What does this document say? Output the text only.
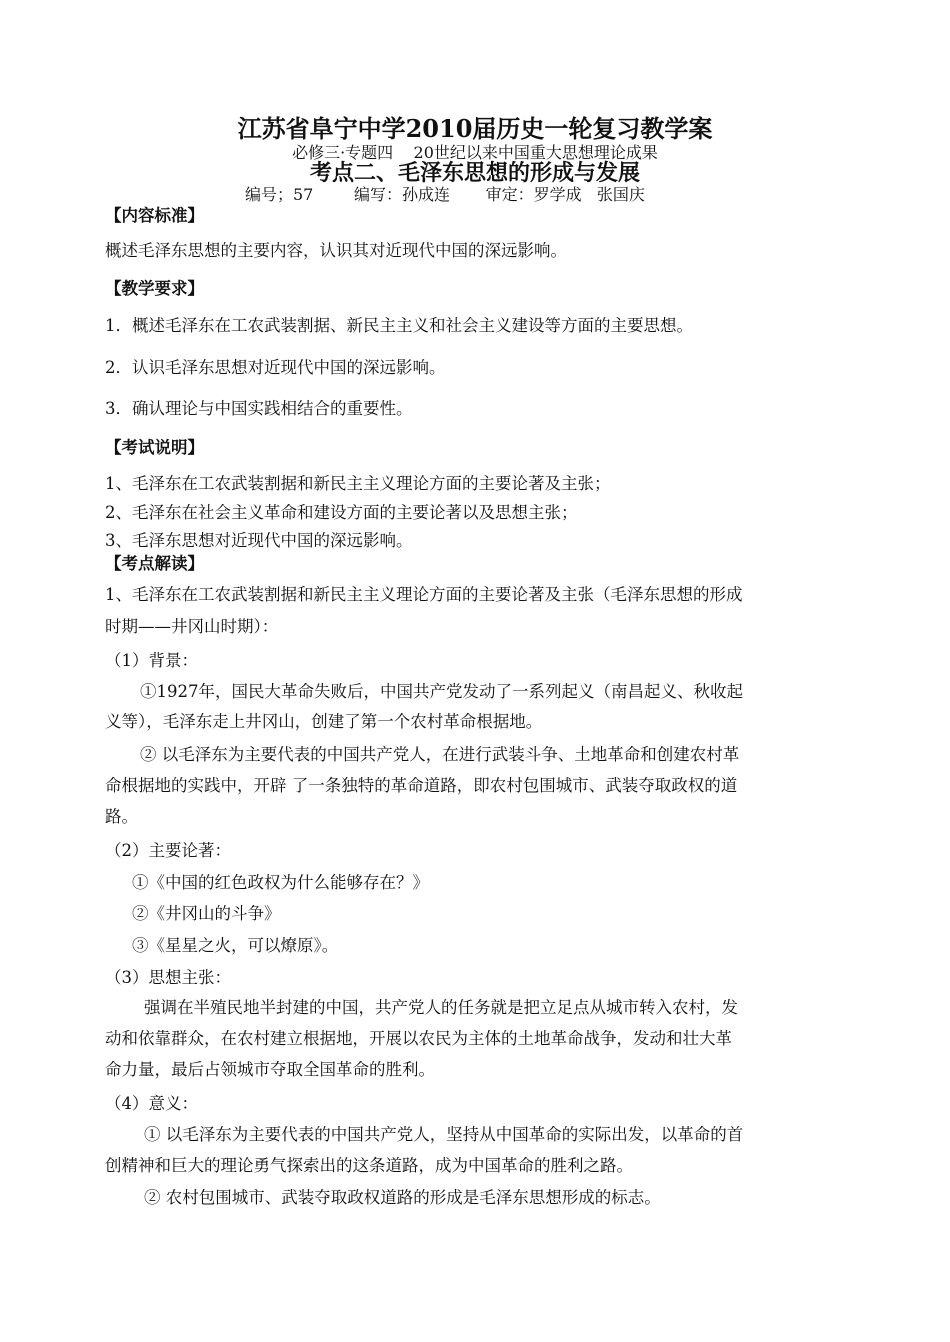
江苏省阜宁中学2010届历史一轮复习教学案
必修三·专题四    20世纪以来中国重大思想理论成果
考点二、毛泽东思想的形成与发展
编号；57        编写：孙成连       审定：罗学成   张国庆
【内容标准】
概述毛泽东思想的主要内容，认识其对近现代中国的深远影响。
【教学要求】
1．概述毛泽东在工农武装割据、新民主主义和社会主义建设等方面的主要思想。
2．认识毛泽东思想对近现代中国的深远影响。
3．确认理论与中国实践相结合的重要性。
【考试说明】
1、毛泽东在工农武装割据和新民主主义理论方面的主要论著及主张；
2、毛泽东在社会主义革命和建设方面的主要论著以及思想主张；
3、毛泽东思想对近现代中国的深远影响。
【考点解读】
1、毛泽东在工农武装割据和新民主主义理论方面的主要论著及主张（毛泽东思想的形成
时期——井冈山时期）：
（1）背景：
①1927年，国民大革命失败后，中国共产党发动了一系列起义（南昌起义、秋收起
义等），毛泽东走上井冈山，创建了第一个农村革命根据地。
② 以毛泽东为主要代表的中国共产党人，在进行武装斗争、土地革命和创建农村革
命根据地的实践中，开辟 了一条独特的革命道路，即农村包围城市、武装夺取政权的道
路。
（2）主要论著：
①《中国的红色政权为什么能够存在？》
②《井冈山的斗争》
③《星星之火，可以燎原》。
（3）思想主张：
强调在半殖民地半封建的中国，共产党人的任务就是把立足点从城市转入农村，发
动和依靠群众，在农村建立根据地，开展以农民为主体的土地革命战争，发动和壮大革
命力量，最后占领城市夺取全国革命的胜利。
（4）意义：
① 以毛泽东为主要代表的中国共产党人，坚持从中国革命的实际出发，以革命的首
创精神和巨大的理论勇气探索出的这条道路，成为中国革命的胜利之路。
② 农村包围城市、武装夺取政权道路的形成是毛泽东思想形成的标志。
